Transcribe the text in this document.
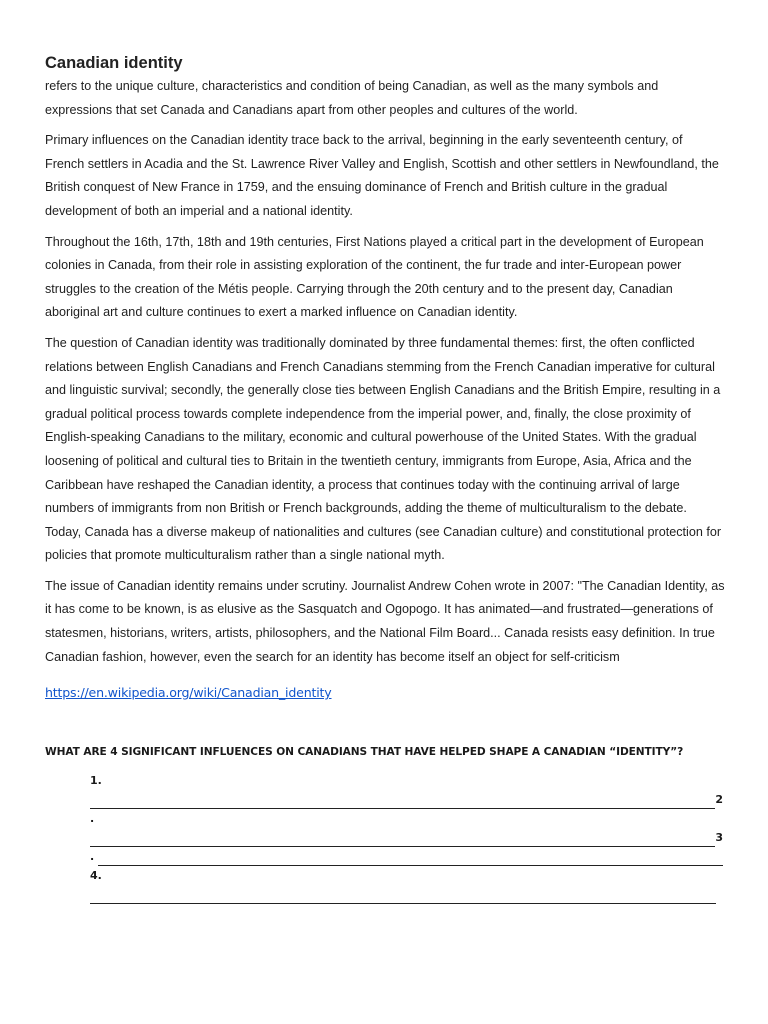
Canadian identity

refers to the unique culture, characteristics and condition of being Canadian, as well as the many symbols and expressions that set Canada and Canadians apart from other peoples and cultures of the world.

Primary influences on the Canadian identity trace back to the arrival, beginning in the early seventeenth century, of French settlers in Acadia and the St. Lawrence River Valley and English, Scottish and other settlers in Newfoundland, the British conquest of New France in 1759, and the ensuing dominance of French and British culture in the gradual development of both an imperial and a national identity.

Throughout the 16th, 17th, 18th and 19th centuries, First Nations played a critical part in the development of European colonies in Canada, from their role in assisting exploration of the continent, the fur trade and inter-European power struggles to the creation of the Métis people. Carrying through the 20th century and to the present day, Canadian aboriginal art and culture continues to exert a marked influence on Canadian identity.

The question of Canadian identity was traditionally dominated by three fundamental themes: first, the often conflicted relations between English Canadians and French Canadians stemming from the French Canadian imperative for cultural and linguistic survival; secondly, the generally close ties between English Canadians and the British Empire, resulting in a gradual political process towards complete independence from the imperial power, and, finally, the close proximity of English-speaking Canadians to the military, economic and cultural powerhouse of the United States. With the gradual loosening of political and cultural ties to Britain in the twentieth century, immigrants from Europe, Asia, Africa and the Caribbean have reshaped the Canadian identity, a process that continues today with the continuing arrival of large numbers of immigrants from non British or French backgrounds, adding the theme of multiculturalism to the debate. Today, Canada has a diverse makeup of nationalities and cultures (see Canadian culture) and constitutional protection for policies that promote multiculturalism rather than a single national myth.

The issue of Canadian identity remains under scrutiny. Journalist Andrew Cohen wrote in 2007: "The Canadian Identity, as it has come to be known, is as elusive as the Sasquatch and Ogopogo. It has animated—and frustrated—generations of statesmen, historians, writers, artists, philosophers, and the National Film Board... Canada resists easy definition. In true Canadian fashion, however, even the search for an identity has become itself an object for self-criticism

https://en.wikipedia.org/wiki/Canadian_identity
WHAT ARE 4 SIGNIFICANT INFLUENCES ON CANADIANS THAT HAVE HELPED SHAPE A CANADIAN “IDENTITY”?
1.
2
.
3
.
4.
